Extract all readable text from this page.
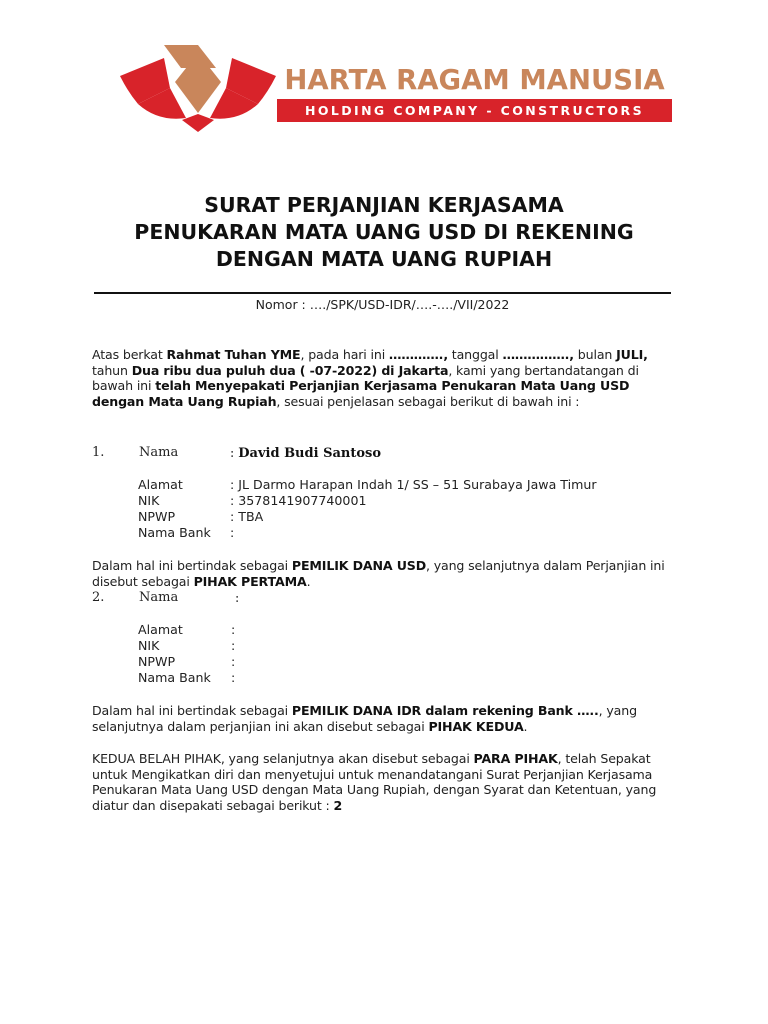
HARTA RAGAM MANUSIA
HOLDING COMPANY - CONSTRUCTORS
SURAT PERJANJIAN KERJASAMA
PENUKARAN MATA UANG USD DI REKENING
DENGAN MATA UANG RUPIAH
Nomor : …./SPK/USD-IDR/….-…./VII/2022
Atas berkat Rahmat Tuhan YME, pada hari ini …………., tanggal ……………., bulan JULI, tahun Dua ribu dua puluh dua ( -07-2022) di Jakarta, kami yang bertandatangan di bawah ini telah Menyepakati Perjanjian Kerjasama Penukaran Mata Uang USD dengan Mata Uang Rupiah, sesuai penjelasan sebagai berikut di bawah ini :
1.	Nama	: David Budi Santoso
Alamat	: JL Darmo Harapan Indah 1/ SS – 51 Surabaya Jawa Timur
NIK	: 3578141907740001
NPWP	: TBA
Nama Bank :
Dalam hal ini bertindak sebagai PEMILIK DANA USD, yang selanjutnya dalam Perjanjian ini disebut sebagai PIHAK PERTAMA.
2.	Nama	:
Alamat	:
NIK	:
NPWP	:
Nama Bank :
Dalam hal ini bertindak sebagai PEMILIK DANA IDR dalam rekening Bank ….., yang selanjutnya dalam perjanjian ini akan disebut sebagai PIHAK KEDUA.
KEDUA BELAH PIHAK, yang selanjutnya akan disebut sebagai PARA PIHAK, telah Sepakat untuk Mengikatkan diri dan menyetujui untuk menandatangani Surat Perjanjian Kerjasama Penukaran Mata Uang USD dengan Mata Uang Rupiah, dengan Syarat dan Ketentuan, yang diatur dan disepakati sebagai berikut : 2
